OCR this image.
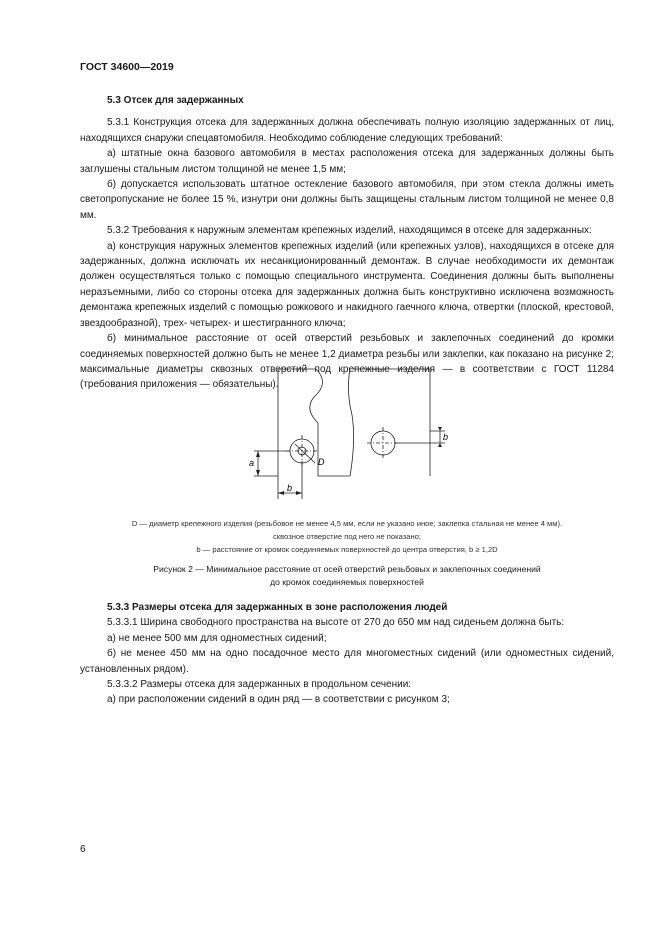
ГОСТ 34600—2019

5.3 Отсек для задержанных

5.3.1 Конструкция отсека для задержанных должна обеспечивать полную изоляцию задержанных от лиц, находящихся снаружи спецавтомобиля. Необходимо соблюдение следующих требований:

а) штатные окна базового автомобиля в местах расположения отсека для задержанных должны быть заглушены стальным листом толщиной не менее 1,5 мм;

б) допускается использовать штатное остекление базового автомобиля, при этом стекла должны иметь светопропускание не более 15 %, изнутри они должны быть защищены стальным листом толщиной не менее 0,8 мм.

5.3.2 Требования к наружным элементам крепежных изделий, находящимся в отсеке для задержанных:

а) конструкция наружных элементов крепежных изделий (или крепежных узлов), находящихся в отсеке для задержанных, должна исключать их несанкционированный демонтаж. В случае необходимости их демонтаж должен осуществляться только с помощью специального инструмента. Соединения должны быть выполнены неразъемными, либо со стороны отсека для задержанных должна быть конструктивно исключена возможность демонтажа крепежных изделий с помощью рожкового и накидного гаечного ключа, отвертки (плоской, крестовой, звездообразной), трех- четырех- и шестигранного ключа;

б) минимальное расстояние от осей отверстий резьбовых и заклепочных соединений до кромки соединяемых поверхностей должно быть не менее 1,2 диаметра резьбы или заклепки, как показано на рисунке 2; максимальные диаметры сквозных отверстий под крепежные изделия — в соответствии с ГОСТ 11284 (требования приложения — обязательны).

a	D
b
b
D — диаметр крепежного изделия (резьбовое не менее 4,5 мм, если не указано иное; заклепка стальная не менее 4 мм).
сквозное отверстие под него не показано;
b — расстояние от кромок соединяемых поверхностей до центра отверстия, b ≥ 1,2D
Рисунок 2 — Минимальное расстояние от осей отверстий резьбовых и заклепочных соединений
до кромок соединяемых поверхностей

5.3.3 Размеры отсека для задержанных в зоне расположения людей

5.3.3.1 Ширина свободного пространства на высоте от 270 до 650 мм над сиденьем должна быть:

а) не менее 500 мм для одноместных сидений;

б) не менее 450 мм на одно посадочное место для многоместных сидений (или одноместных сидений, установленных рядом).

5.3.3.2 Размеры отсека для задержанных в продольном сечении:

а) при расположении сидений в один ряд — в соответствии с рисунком 3;

6
